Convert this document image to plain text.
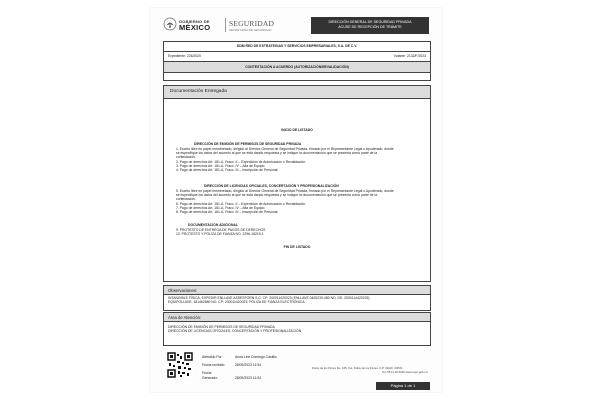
GOBIERNO DE
MÉXICO SEGURIDAD
SECRETARÍA DE SEGURIDAD
DIRECCIÓN GENERAL DE SEGURIDAD PRIVADA
ACUSE DE RECEPCIÓN DE TRÁMITE
DDM RED DE ESTRATEGIAS Y SERVICIOS EMPRESARIALES, S.A. DE C.V.
Expediente: 226/2020	Volante: 2132/F/2023
CONTESTACIÓN A ACUERDO (AUTORIZACIÓN/REVALIDACIÓN)
Documentación Entregada
INICIO DE LISTADO
DIRECCIÓN DE EMISIÓN DE PERMISOS DE SEGURIDAD PRIVADA
1. Escrito libre en papel membretado, dirigido al Director General de Seguridad Privada, firmado por el Representante Legal o Apoderado, donde
se especifique los datos del acuerdo al que se está dando respuesta y se indique la documentación que se presenta como parte de la
contestación.
2. Pago de derechos Art. 181-A, Fracc. II – Expedición de Autorización o Revalidación.
3. Pago de derechos Art. 181-A, Fracc. IV – Alta de Equipo.
4. Pago de derechos Art. 181-A, Fracc. III – Inscripción de Personal.
DIRECCIÓN DE LICENCIAS OFICIALES, CONCERTACIÓN Y PROFESIONALIZACIÓN
5. Escrito libre en papel membretado, dirigido al Director General de Seguridad Privada, firmado por el Representante Legal o Apoderado, donde
se especifique los datos del acuerdo al que se está dando respuesta y se indique la documentación que se presenta como parte de la
contestación.
6. Pago de derechos Art. 181-A, Fracc. II – Expedición de Autorización o Revalidación.
7. Pago de derechos Art. 181-A, Fracc. IV – Alta de Equipo.
8. Pago de derechos Art. 181-A, Fracc. III – Inscripción de Personal.
DOCUMENTACIÓN ADICIONAL
9. PROTESTO DE ENTREGA DE PAGOS DE DERECHOS
10. PROTESTO Y PÓLIZA DE FIANZA NO. 2296-18219-1
FIN DE LISTADO
Observaciones:
INTANGIBLE FÍSICA, EXPEDIR ENLLAVE ASSESFORN S.C. CP: 200011420023 (ENLLAVE 0405230-480 NO. DE: 2000114420233)
EQUIPOLLAVE: 181462680 NO. CP: 200011420023; PÓLIZA DE FIANZA ELECTRÓNICA.
Área de Atención:
DIRECCIÓN DE EMISIÓN DE PERMISOS DE SEGURIDAD PRIVADA
DIRECCIÓN DE LICENCIAS OFICIALES, CONCERTACIÓN Y PROFESIONALIZACIÓN
Atendido Por:	Anna Line Domingo Castillo
Fecha recibido:	28/09/2023 11:54
Fecha Generado:	28/09/2023 11:54
Dulze de los Flores No. 135, Col. Dulze de los Flores, C.P. 01110, CDMX.
Tel. 55 11 03 5000 www.sspc.gob.mx
Página 1 de 1
